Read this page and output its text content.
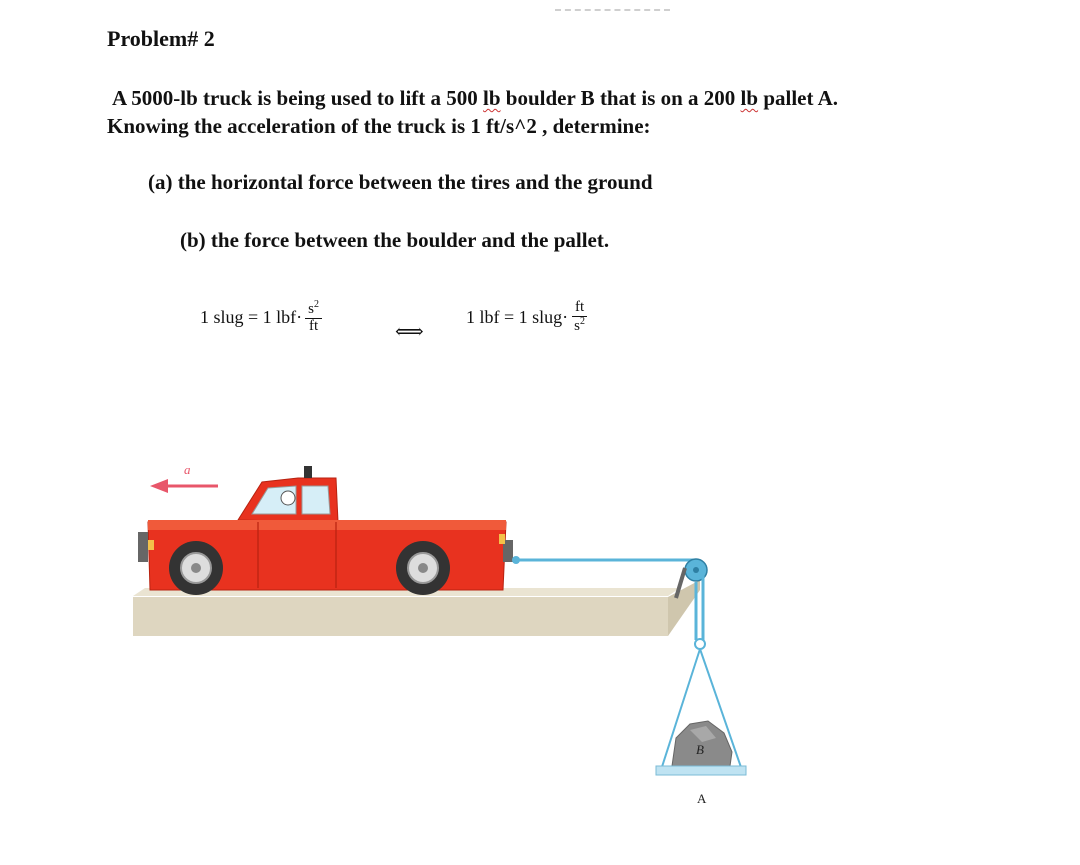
Problem# 2
A 5000-lb truck is being used to lift a 500 lb boulder B that is on a 200 lb pallet A.
Knowing the acceleration of the truck is 1 ft/s^2 , determine:
(a) the horizontal force between the tires and the ground
(b) the force between the boulder and the pallet.
1 slug = 1 $lbf\cdot \frac{s^2}{ft}$	⟺
1 lbf = 1 slug· $\frac{ft}{s^2}$
a
B
A
